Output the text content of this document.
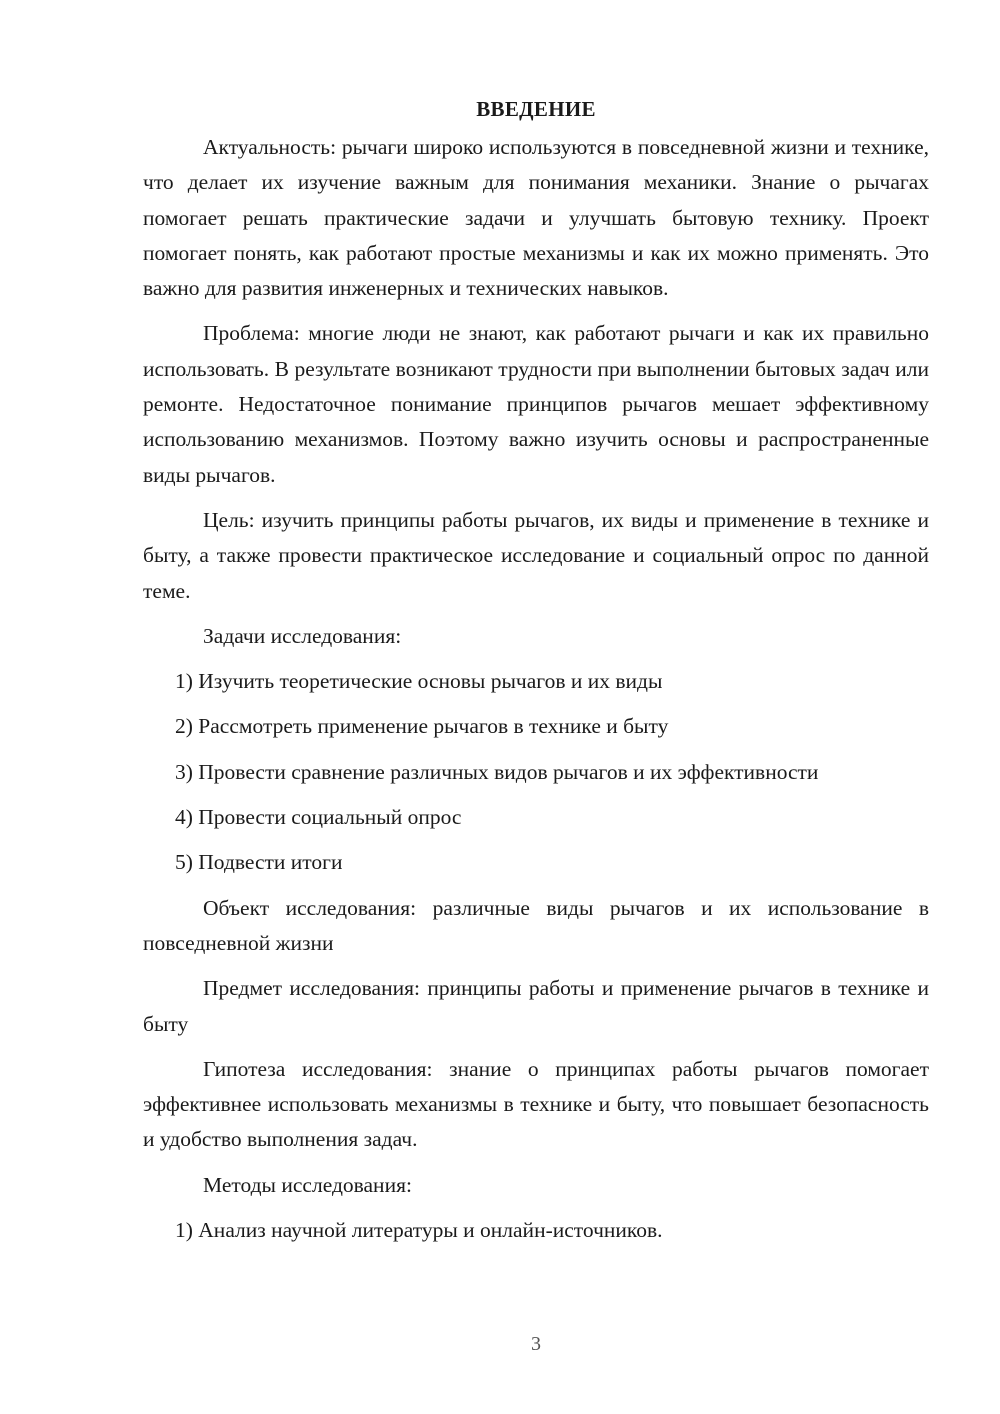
ВВЕДЕНИЕ

Актуальность: рычаги широко используются в повседневной жизни и технике, что делает их изучение важным для понимания механики. Знание о рычагах помогает решать практические задачи и улучшать бытовую технику. Проект помогает понять, как работают простые механизмы и как их можно применять. Это важно для развития инженерных и технических навыков.

Проблема: многие люди не знают, как работают рычаги и как их правильно использовать. В результате возникают трудности при выполнении бытовых задач или ремонте. Недостаточное понимание принципов рычагов мешает эффективному использованию механизмов. Поэтому важно изучить основы и распространенные виды рычагов.

Цель: изучить принципы работы рычагов, их виды и применение в технике и быту, а также провести практическое исследование и социальный опрос по данной теме.

Задачи исследования:

1) Изучить теоретические основы рычагов и их виды
2) Рассмотреть применение рычагов в технике и быту
3) Провести сравнение различных видов рычагов и их эффективности
4) Провести социальный опрос
5) Подвести итоги

Объект исследования: различные виды рычагов и их использование в повседневной жизни

Предмет исследования: принципы работы и применение рычагов в технике и быту

Гипотеза исследования: знание о принципах работы рычагов помогает эффективнее использовать механизмы в технике и быту, что повышает безопасность и удобство выполнения задач.

Методы исследования:

1) Анализ научной литературы и онлайн-источников.
3
